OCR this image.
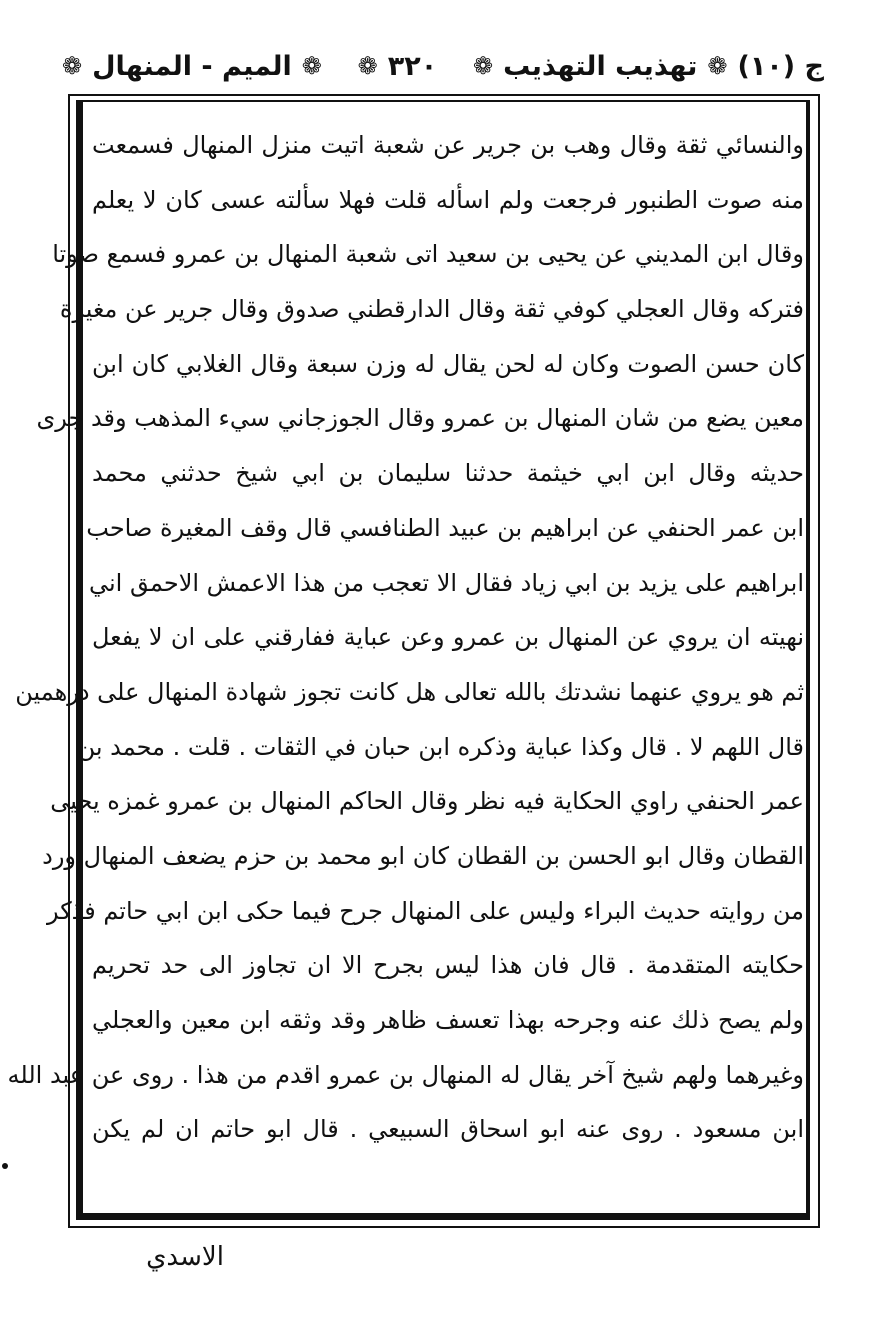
ج (١٠)
❁
تهذيب التهذيب
❁
٣٢٠
❁
❁
الميم - المنهال
❁
والنسائي ثقة وقال وهب بن جرير عن شعبة اتيت منزل المنهال فسمعت
منه صوت الطنبور فرجعت ولم اسأله قلت فهلا سألته عسى كان لا يعلم
وقال ابن المديني عن يحيى بن سعيد اتى شعبة المنهال بن عمرو فسمع صوتا
فتركه وقال العجلي كوفي ثقة وقال الدارقطني صدوق وقال جرير عن مغيرة
كان حسن الصوت وكان له لحن يقال له وزن سبعة وقال الغلابي كان ابن
معين يضع من شان المنهال بن عمرو وقال الجوزجاني سيء المذهب وقد جرى
حديثه وقال ابن ابي خيثمة حدثنا سليمان بن ابي شيخ حدثني محمد
ابن عمر الحنفي عن ابراهيم بن عبيد الطنافسي قال وقف المغيرة صاحب
ابراهيم على يزيد بن ابي زياد فقال الا تعجب من هذا الاعمش الاحمق اني
نهيته ان يروي عن المنهال بن عمرو وعن عباية ففارقني على ان لا يفعل
ثم هو يروي عنهما نشدتك بالله تعالى هل كانت تجوز شهادة المنهال على درهمين
قال اللهم لا . قال وكذا عباية وذكره ابن حبان في الثقات . قلت . محمد بن
عمر الحنفي راوي الحكاية فيه نظر وقال الحاكم المنهال بن عمرو غمزه يحيى
القطان وقال ابو الحسن بن القطان كان ابو محمد بن حزم يضعف المنهال ورد
من روايته حديث البراء وليس على المنهال جرح فيما حكى ابن ابي حاتم فذكر
حكايته المتقدمة . قال فان هذا ليس بجرح الا ان تجاوز الى حد تحريم
ولم يصح ذلك عنه وجرحه بهذا تعسف ظاهر وقد وثقه ابن معين والعجلي
وغيرهما ولهم شيخ آخر يقال له المنهال بن عمرو اقدم من هذا . روى عن عبد الله
ابن مسعود . روى عنه ابو اسحاق السبيعي . قال ابو حاتم ان لم يكن
الاسدي
